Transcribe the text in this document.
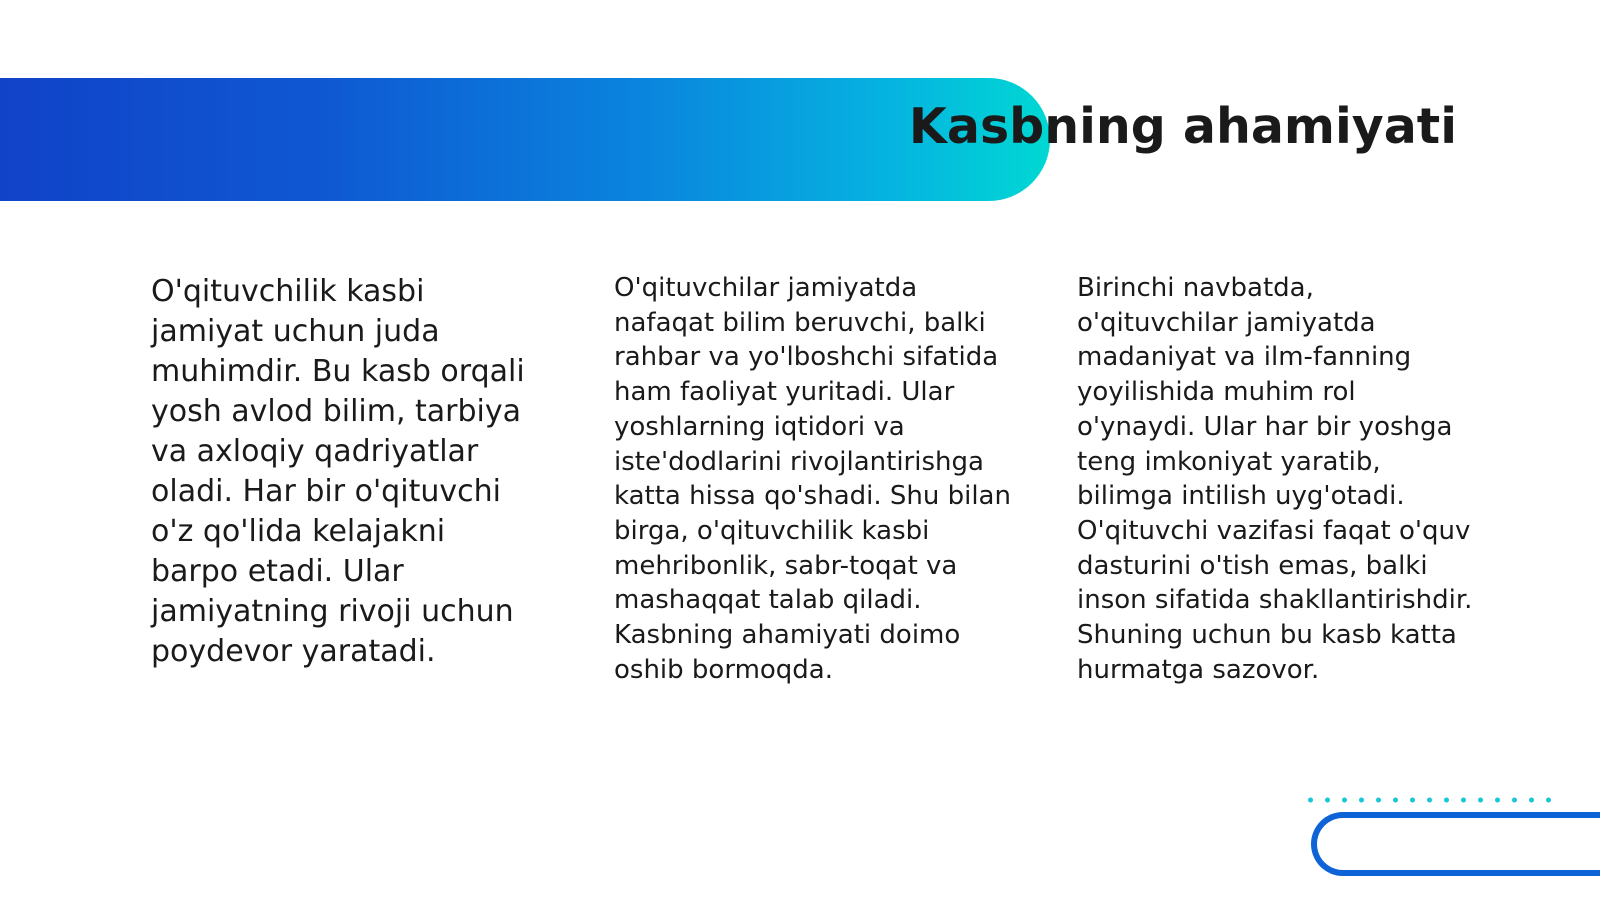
Kasbning ahamiyati

O'qituvchilik kasbi jamiyat uchun juda muhimdir. Bu kasb orqali yosh avlod bilim, tarbiya va axloqiy qadriyatlar oladi. Har bir o'qituvchi o'z qo'lida kelajakni barpo etadi. Ular jamiyatning rivoji uchun poydevor yaratadi.

O'qituvchilar jamiyatda nafaqat bilim beruvchi, balki rahbar va yo'lboshchi sifatida ham faoliyat yuritadi. Ular yoshlarning iqtidori va iste'dodlarini rivojlantirishga katta hissa qo'shadi. Shu bilan birga, o'qituvchilik kasbi mehribonlik, sabr-toqat va mashaqqat talab qiladi. Kasbning ahamiyati doimo oshib bormoqda.

Birinchi navbatda, o'qituvchilar jamiyatda madaniyat va ilm-fanning yoyilishida muhim rol o'ynaydi. Ular har bir yoshga teng imkoniyat yaratib, bilimga intilish uyg'otadi. O'qituvchi vazifasi faqat o'quv dasturini o'tish emas, balki inson sifatida shakllantirishdir. Shuning uchun bu kasb katta hurmatga sazovor.
